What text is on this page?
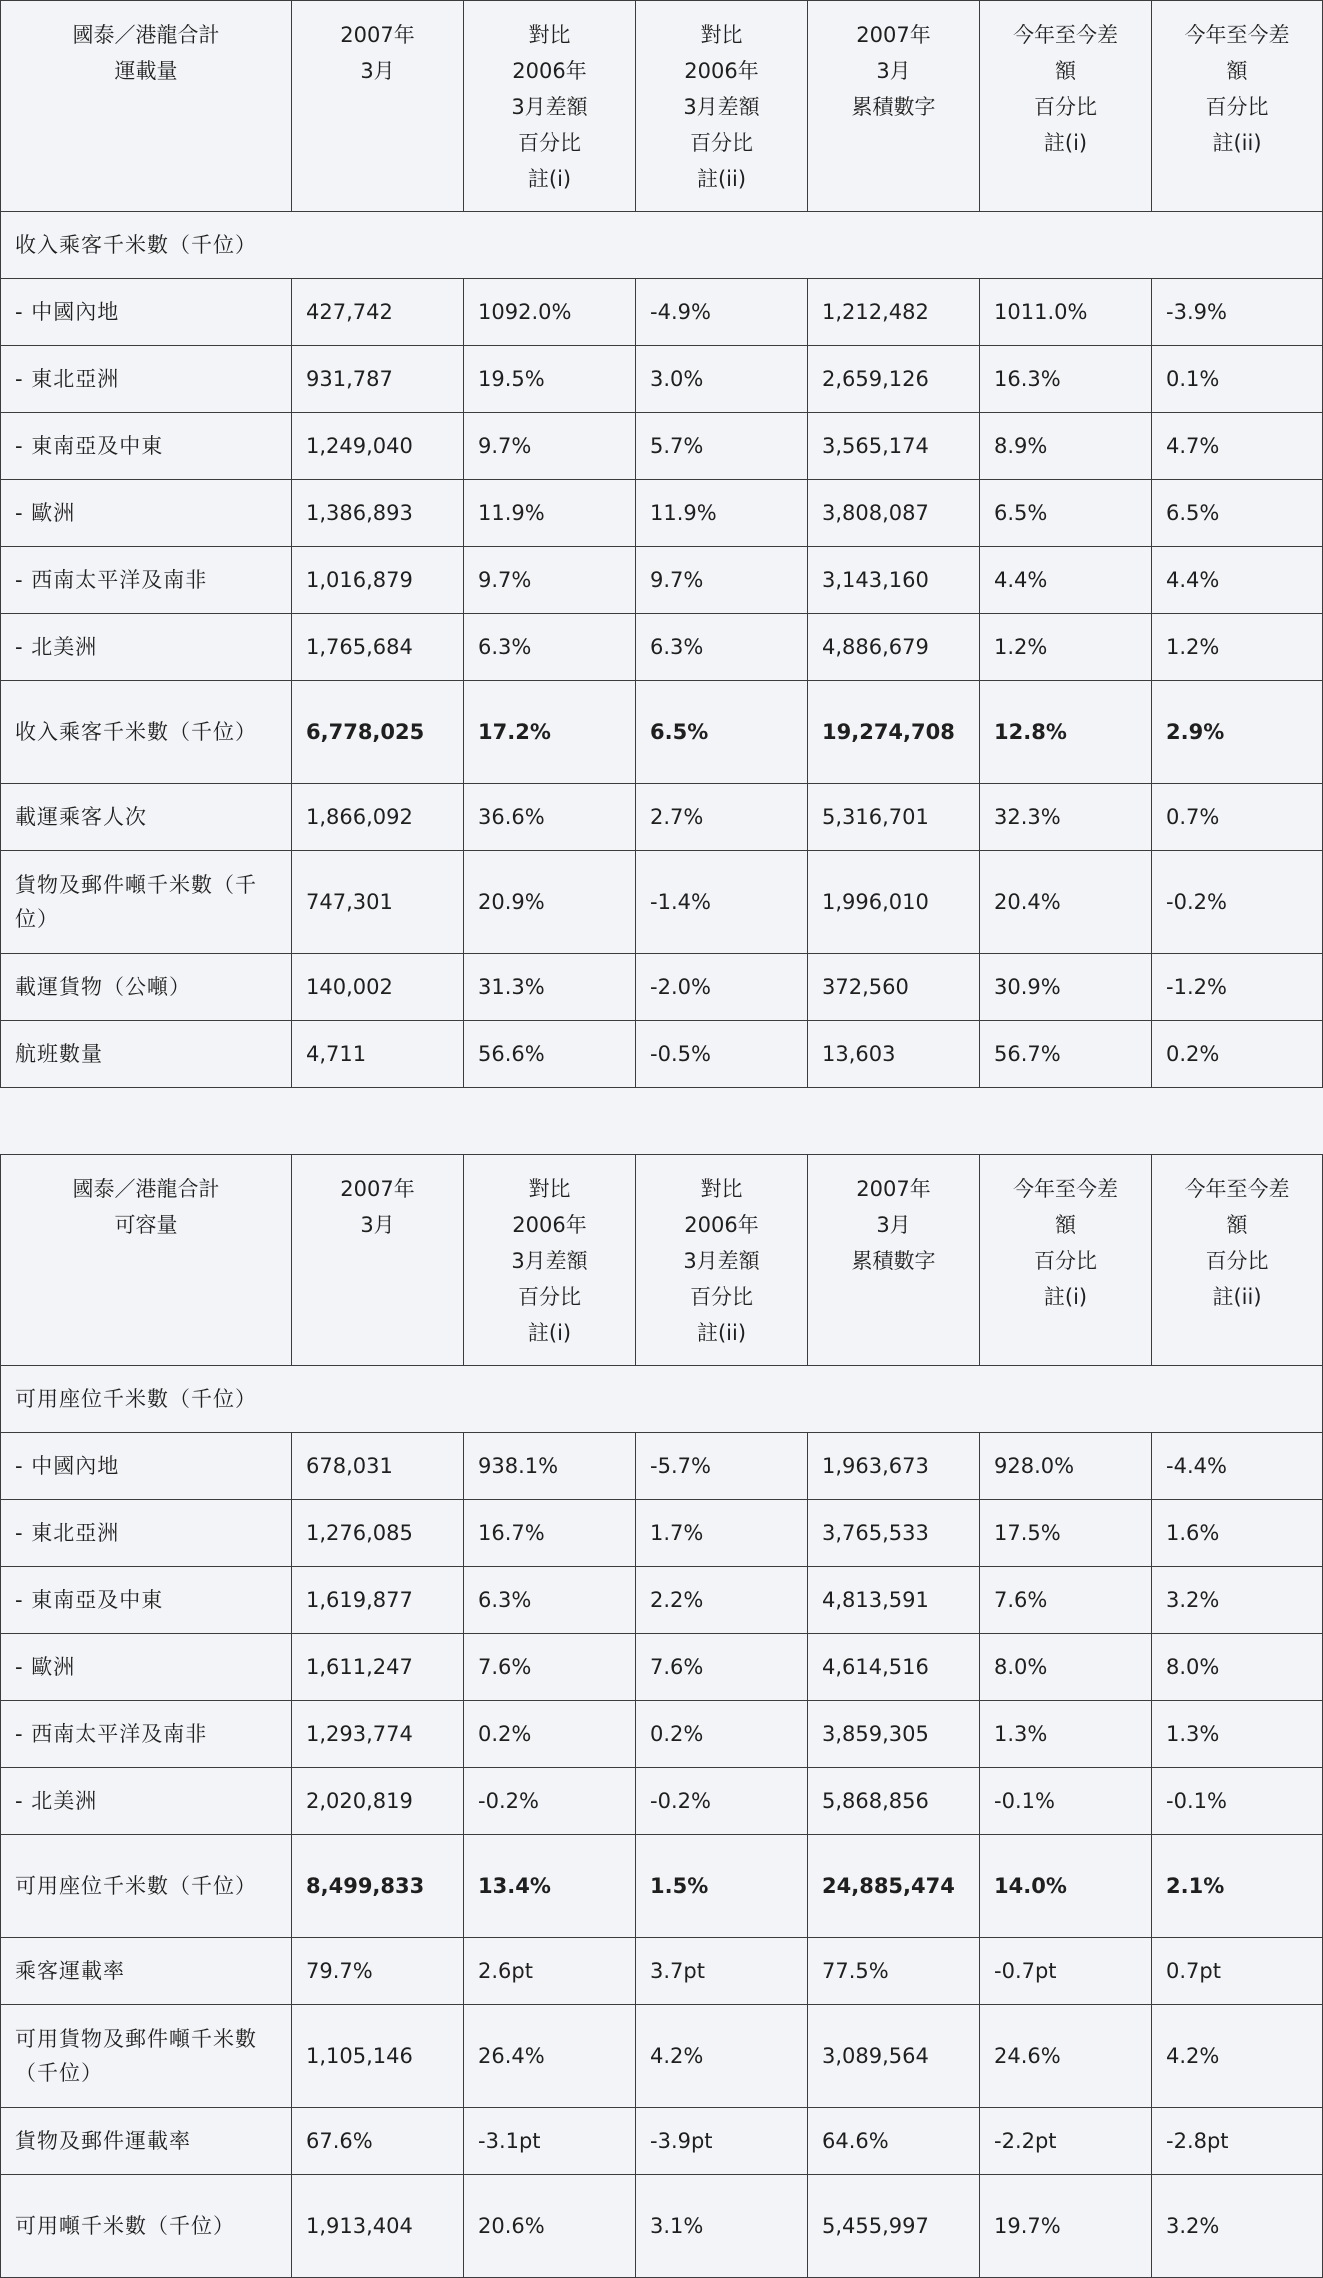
國泰／港龍合計
運載量	2007年
3月	對比
2006年
3月差額
百分比
註(i)	對比
2006年
3月差額
百分比
註(ii)	2007年
3月
累積數字	今年至今差
額
百分比
註(i)	今年至今差
額
百分比
註(ii)
收入乘客千米數（千位）						
- 中國內地	427,742	1092.0%	-4.9%	1,212,482	1011.0%	-3.9%
- 東北亞洲	931,787	19.5%	3.0%	2,659,126	16.3%	0.1%
- 東南亞及中東	1,249,040	9.7%	5.7%	3,565,174	8.9%	4.7%
- 歐洲	1,386,893	11.9%	11.9%	3,808,087	6.5%	6.5%
- 西南太平洋及南非	1,016,879	9.7%	9.7%	3,143,160	4.4%	4.4%
- 北美洲	1,765,684	6.3%	6.3%	4,886,679	1.2%	1.2%
收入乘客千米數（千位）	6,778,025	17.2%	6.5%	19,274,708	12.8%	2.9%
載運乘客人次	1,866,092	36.6%	2.7%	5,316,701	32.3%	0.7%
貨物及郵件噸千米數（千位）	747,301	20.9%	-1.4%	1,996,010	20.4%	-0.2%
載運貨物（公噸）	140,002	31.3%	-2.0%	372,560	30.9%	-1.2%
航班數量	4,711	56.6%	-0.5%	13,603	56.7%	0.2%
國泰／港龍合計
可容量	2007年
3月	對比
2006年
3月差額
百分比
註(i)	對比
2006年
3月差額
百分比
註(ii)	2007年
3月
累積數字	今年至今差
額
百分比
註(i)	今年至今差
額
百分比
註(ii)
可用座位千米數（千位）						
- 中國內地	678,031	938.1%	-5.7%	1,963,673	928.0%	-4.4%
- 東北亞洲	1,276,085	16.7%	1.7%	3,765,533	17.5%	1.6%
- 東南亞及中東	1,619,877	6.3%	2.2%	4,813,591	7.6%	3.2%
- 歐洲	1,611,247	7.6%	7.6%	4,614,516	8.0%	8.0%
- 西南太平洋及南非	1,293,774	0.2%	0.2%	3,859,305	1.3%	1.3%
- 北美洲	2,020,819	-0.2%	-0.2%	5,868,856	-0.1%	-0.1%
可用座位千米數（千位）	8,499,833	13.4%	1.5%	24,885,474	14.0%	2.1%
乘客運載率	79.7%	2.6pt	3.7pt	77.5%	-0.7pt	0.7pt
可用貨物及郵件噸千米數（千位）	1,105,146	26.4%	4.2%	3,089,564	24.6%	4.2%
貨物及郵件運載率	67.6%	-3.1pt	-3.9pt	64.6%	-2.2pt	-2.8pt
可用噸千米數（千位）	1,913,404	20.6%	3.1%	5,455,997	19.7%	3.2%
